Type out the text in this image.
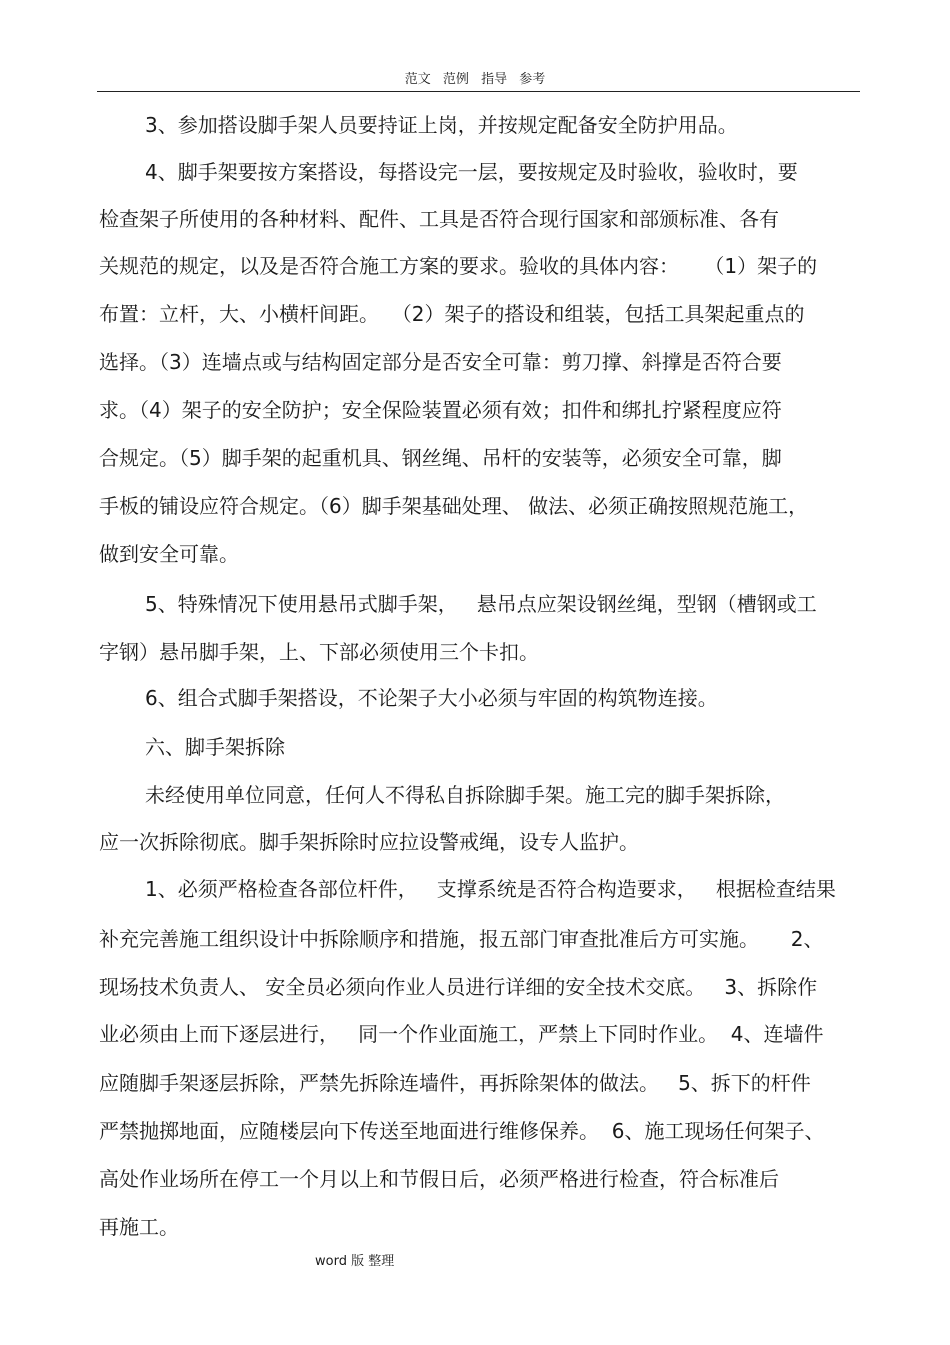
范文 范例 指导 参考
3、参加搭设脚手架人员要持证上岗，并按规定配备安全防护用品。
4、脚手架要按方案搭设，每搭设完一层，要按规定及时验收，验收时，要
检查架子所使用的各种材料、配件、工具是否符合现行国家和部颁标准、各有
关规范的规定，以及是否符合施工方案的要求。验收的具体内容：    （1）架子的
布置：立杆，大、小横杆间距。  （2）架子的搭设和组装，包括工具架起重点的
选择。（3）连墙点或与结构固定部分是否安全可靠：剪刀撑、斜撑是否符合要
求。（4）架子的安全防护；安全保险装置必须有效；扣件和绑扎拧紧程度应符
合规定。（5）脚手架的起重机具、钢丝绳、吊杆的安装等，必须安全可靠，脚
手板的铺设应符合规定。（6）脚手架基础处理、 做法、必须正确按照规范施工，
做到安全可靠。
5、特殊情况下使用悬吊式脚手架，   悬吊点应架设钢丝绳，型钢（槽钢或工
字钢）悬吊脚手架，上、下部必须使用三个卡扣。
6、组合式脚手架搭设，不论架子大小必须与牢固的构筑物连接。
六、脚手架拆除
未经使用单位同意，任何人不得私自拆除脚手架。施工完的脚手架拆除，
应一次拆除彻底。脚手架拆除时应拉设警戒绳，设专人监护。
1、必须严格检查各部位杆件，   支撑系统是否符合构造要求，   根据检查结果
补充完善施工组织设计中拆除顺序和措施，报五部门审查批准后方可实施。     2、
现场技术负责人、 安全员必须向作业人员进行详细的安全技术交底。   3、拆除作
业必须由上而下逐层进行，   同一个作业面施工，严禁上下同时作业。  4、连墙件
应随脚手架逐层拆除，严禁先拆除连墙件，再拆除架体的做法。   5、拆下的杆件
严禁抛掷地面，应随楼层向下传送至地面进行维修保养。  6、施工现场任何架子、
高处作业场所在停工一个月以上和节假日后，必须严格进行检查，符合标准后
再施工。
word 版 整理
